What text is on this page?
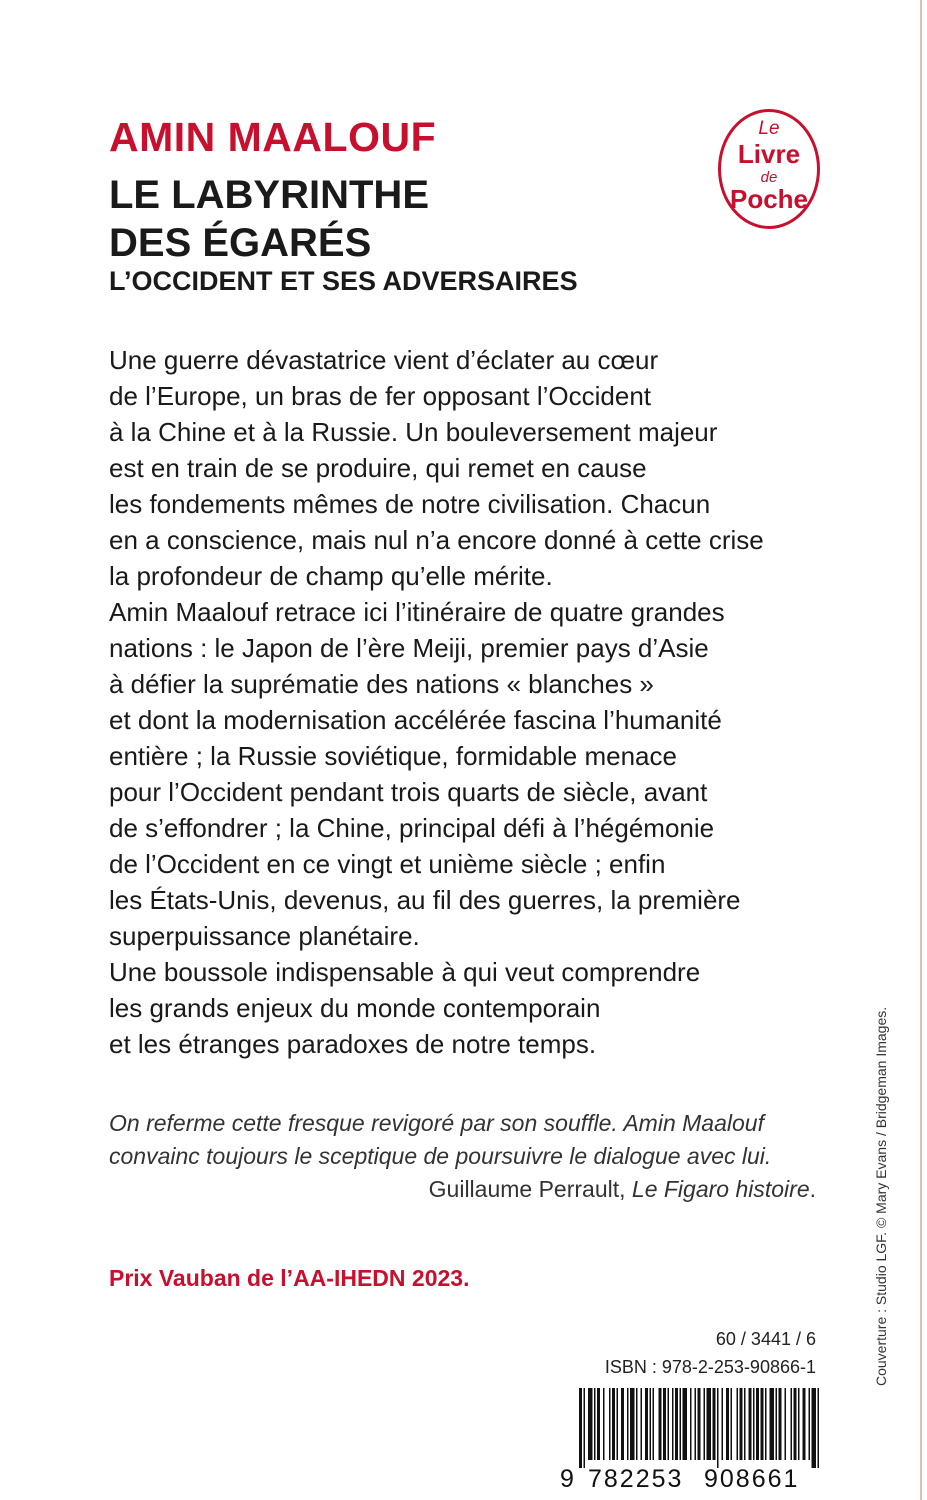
AMIN MAALOUF
LE LABYRINTHE
DES ÉGARÉS
L’OCCIDENT ET SES ADVERSAIRES
Le
Livre
de
Poche
Une guerre dévastatrice vient d’éclater au cœur
de l’Europe, un bras de fer opposant l’Occident
à la Chine et à la Russie. Un bouleversement majeur
est en train de se produire, qui remet en cause
les fondements mêmes de notre civilisation. Chacun
en a conscience, mais nul n’a encore donné à cette crise
la profondeur de champ qu’elle mérite.
Amin Maalouf retrace ici l’itinéraire de quatre grandes
nations : le Japon de l’ère Meiji, premier pays d’Asie
à défier la suprématie des nations « blanches »
et dont la modernisation accélérée fascina l’humanité
entière ; la Russie soviétique, formidable menace
pour l’Occident pendant trois quarts de siècle, avant
de s’effondrer ; la Chine, principal défi à l’hégémonie
de l’Occident en ce vingt et unième siècle ; enfin
les États-Unis, devenus, au fil des guerres, la première
superpuissance planétaire.
Une boussole indispensable à qui veut comprendre
les grands enjeux du monde contemporain
et les étranges paradoxes de notre temps.
On referme cette fresque revigoré par son souffle. Amin Maalouf
convainc toujours le sceptique de poursuivre le dialogue avec lui.
Guillaume Perrault, Le Figaro histoire.
Prix Vauban de l’AA-IHEDN 2023.
60 / 3441 / 6
ISBN : 978-2-253-90866-1
9 782253 908661
Couverture : Studio LGF. © Mary Evans / Bridgeman Images.
